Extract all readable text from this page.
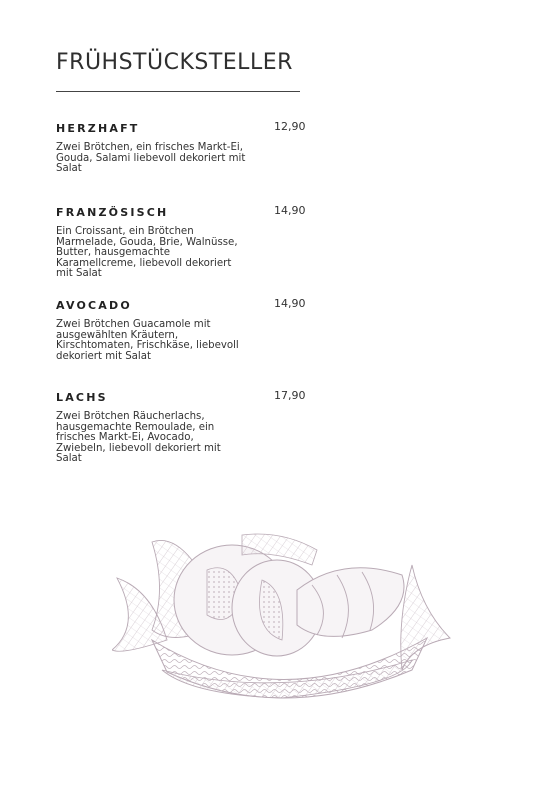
FRÜHSTÜCKSTELLER
HERZHAFT	12,90
Zwei Brötchen, ein frisches Markt-Ei, Gouda, Salami liebevoll dekoriert mit Salat
FRANZÖSISCH	14,90
Ein Croissant, ein Brötchen Marmelade, Gouda, Brie, Walnüsse, Butter, hausgemachte Karamellcreme, liebevoll dekoriert mit Salat
AVOCADO	14,90
Zwei Brötchen Guacamole mit ausgewählten Kräutern, Kirschtomaten, Frischkäse, liebevoll dekoriert mit Salat
LACHS	17,90
Zwei Brötchen Räucherlachs, hausgemachte Remoulade, ein frisches Markt-Ei, Avocado, Zwiebeln, liebevoll dekoriert mit Salat
